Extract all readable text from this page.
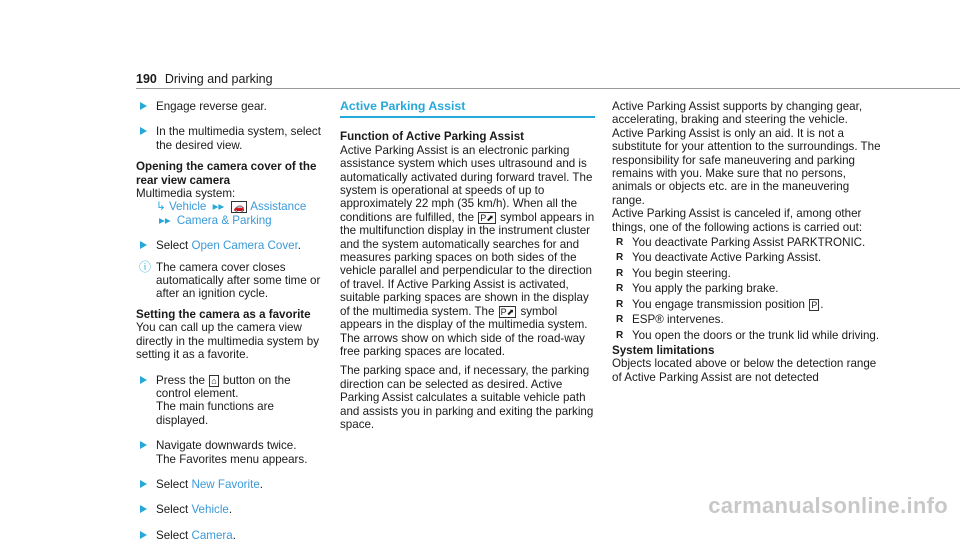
190 Driving and parking
Engage reverse gear.
In the multimedia system, select the desired view.

Opening the camera cover of the rear view camera

Multimedia system:

↳ Vehicle ▸▸ 🚗 Assistance ▸▸ Camera & Parking

Select Open Camera Cover.
ⓘ The camera cover closes automatically after some time or after an ignition cycle.

Setting the camera as a favorite

You can call up the camera view directly in the multimedia system by setting it as a favorite.

Press the ⌂ button on the control element.
The main functions are displayed.
Navigate downwards twice.
The Favorites menu appears.
Select New Favorite.
Select Vehicle.
Select Camera.
Active Parking Assist

Function of Active Parking Assist

Active Parking Assist is an electronic parking assistance system which uses ultrasound and is automatically activated during forward travel. The system is operational at speeds of up to approximately 22 mph (35 km/h). When all the conditions are fulfilled, the P⬈ symbol appears in the multifunction display in the instrument cluster and the system automatically searches for and measures parking spaces on both sides of the vehicle parallel and perpendicular to the direction of travel. If Active Parking Assist is activated, suitable parking spaces are shown in the display of the multimedia system. The P⬈ symbol appears in the display of the multimedia system. The arrows show on which side of the road-way free parking spaces are located.

The parking space and, if necessary, the parking direction can be selected as desired. Active Parking Assist calculates a suitable vehicle path and assists you in parking and exiting the parking space.

Active Parking Assist supports by changing gear, accelerating, braking and steering the vehicle.

Active Parking Assist is only an aid. It is not a substitute for your attention to the surroundings. The responsibility for safe maneuvering and parking remains with you. Make sure that no persons, animals or objects etc. are in the maneuvering range.

Active Parking Assist is canceled if, among other things, one of the following actions is carried out:

R You deactivate Parking Assist PARKTRONIC.
R You deactivate Active Parking Assist.
R You begin steering.
R You apply the parking brake.
R You engage transmission position P .
R ESP® intervenes.
R You open the doors or the trunk lid while driving.

System limitations

Objects located above or below the detection range of Active Parking Assist are not detected

carmanualsonline.info
